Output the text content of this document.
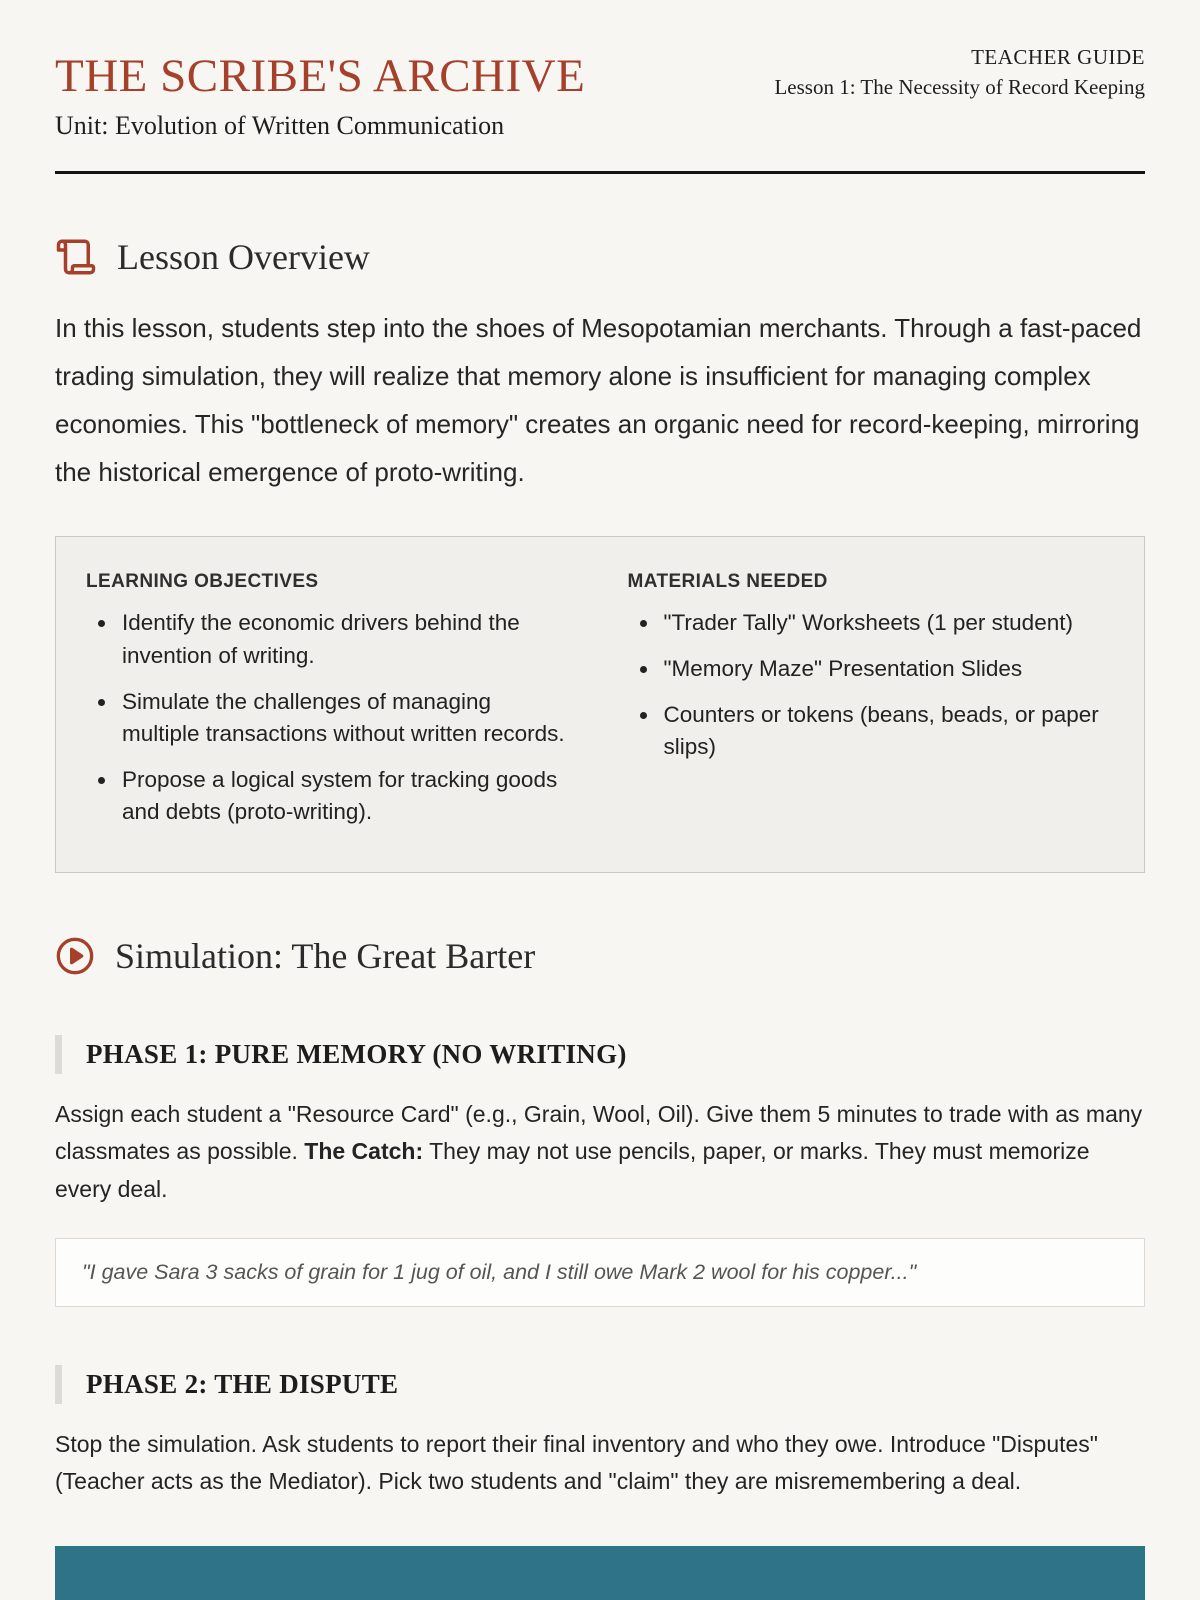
THE SCRIBE'S ARCHIVE	TEACHER GUIDE
Lesson 1: The Necessity of Record Keeping
Unit: Evolution of Written Communication
Lesson Overview

In this lesson, students step into the shoes of Mesopotamian merchants. Through a fast-paced trading simulation, they will realize that memory alone is insufficient for managing complex economies. This "bottleneck of memory" creates an organic need for record-keeping, mirroring the historical emergence of proto-writing.

LEARNING OBJECTIVES
• Identify the economic drivers behind the invention of writing.
• Simulate the challenges of managing multiple transactions without written records.
• Propose a logical system for tracking goods and debts (proto-writing).
MATERIALS NEEDED
• "Trader Tally" Worksheets (1 per student)
• "Memory Maze" Presentation Slides
• Counters or tokens (beans, beads, or paper slips)
Simulation: The Great Barter
PHASE 1: PURE MEMORY (NO WRITING)

Assign each student a "Resource Card" (e.g., Grain, Wool, Oil). Give them 5 minutes to trade with as many classmates as possible. The Catch: They may not use pencils, paper, or marks. They must memorize every deal.

"I gave Sara 3 sacks of grain for 1 jug of oil, and I still owe Mark 2 wool for his copper..."
PHASE 2: THE DISPUTE

Stop the simulation. Ask students to report their final inventory and who they owe. Introduce "Disputes" (Teacher acts as the Mediator). Pick two students and "claim" they are misremembering a deal.
